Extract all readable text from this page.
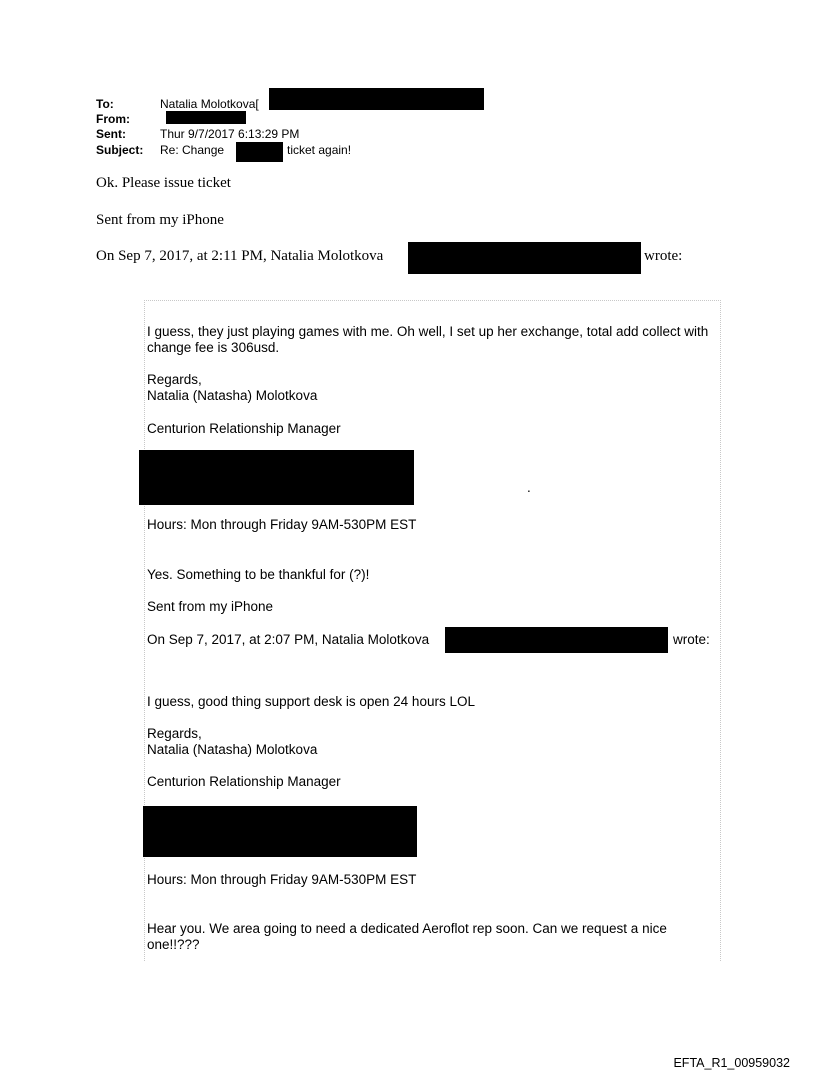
To:	Natalia Molotkova[
From:
Sent:	Thur 9/7/2017 6:13:29 PM
Subject: Re: Change	ticket again!
Ok. Please issue ticket
Sent from my iPhone
On Sep 7, 2017, at 2:11 PM, Natalia Molotkova	wrote:
I guess, they just playing games with me. Oh well, I set up her exchange, total add collect with change fee is 306usd.
Regards,
Natalia (Natasha) Molotkova
Centurion Relationship Manager
.
Hours: Mon through Friday 9AM-530PM EST
Yes. Something to be thankful for (?)!
Sent from my iPhone
On Sep 7, 2017, at 2:07 PM, Natalia Molotkova	wrote:
I guess, good thing support desk is open 24 hours LOL
Regards,
Natalia (Natasha) Molotkova
Centurion Relationship Manager
Hours: Mon through Friday 9AM-530PM EST
Hear you. We area going to need a dedicated Aeroflot rep soon. Can we request a nice one!!???
EFTA_R1_00959032
